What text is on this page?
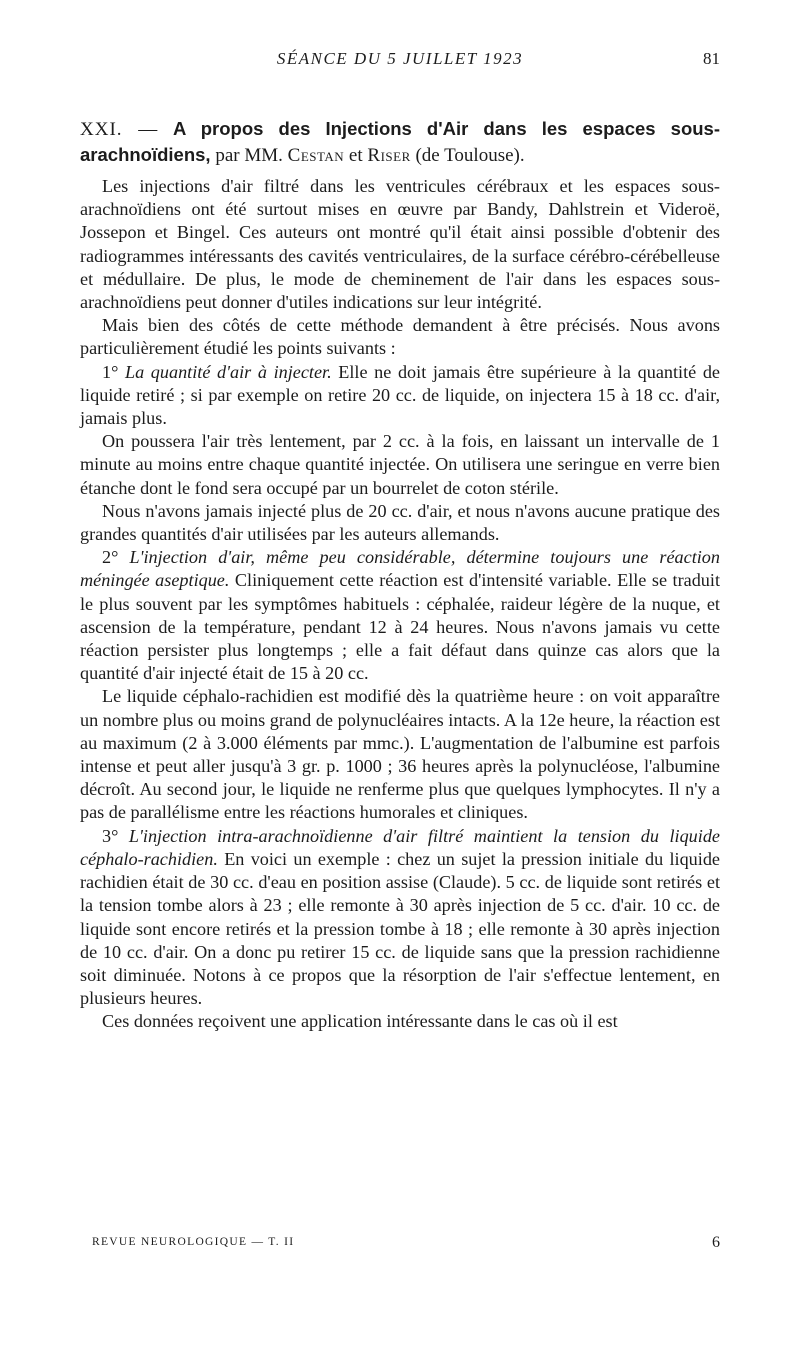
SÉANCE DU 5 JUILLET 1923	81
XXI. — A propos des Injections d'Air dans les espaces sous-arachnoïdiens, par MM. Cestan et Riser (de Toulouse).

Les injections d'air filtré dans les ventricules cérébraux et les espaces sous-arachnoïdiens ont été surtout mises en œuvre par Bandy, Dahlstrein et Videroë, Jossepon et Bingel. Ces auteurs ont montré qu'il était ainsi possible d'obtenir des radiogrammes intéressants des cavités ventriculaires, de la surface cérébro-cérébelleuse et médullaire. De plus, le mode de cheminement de l'air dans les espaces sous-arachnoïdiens peut donner d'utiles indications sur leur intégrité.

Mais bien des côtés de cette méthode demandent à être précisés. Nous avons particulièrement étudié les points suivants :

1° La quantité d'air à injecter. Elle ne doit jamais être supérieure à la quantité de liquide retiré ; si par exemple on retire 20 cc. de liquide, on injectera 15 à 18 cc. d'air, jamais plus.

On poussera l'air très lentement, par 2 cc. à la fois, en laissant un intervalle de 1 minute au moins entre chaque quantité injectée. On utilisera une seringue en verre bien étanche dont le fond sera occupé par un bourrelet de coton stérile.

Nous n'avons jamais injecté plus de 20 cc. d'air, et nous n'avons aucune pratique des grandes quantités d'air utilisées par les auteurs allemands.

2° L'injection d'air, même peu considérable, détermine toujours une réaction méningée aseptique. Cliniquement cette réaction est d'intensité variable. Elle se traduit le plus souvent par les symptômes habituels : céphalée, raideur légère de la nuque, et ascension de la température, pendant 12 à 24 heures. Nous n'avons jamais vu cette réaction persister plus longtemps ; elle a fait défaut dans quinze cas alors que la quantité d'air injecté était de 15 à 20 cc.

Le liquide céphalo-rachidien est modifié dès la quatrième heure : on voit apparaître un nombre plus ou moins grand de polynucléaires intacts. A la 12e heure, la réaction est au maximum (2 à 3.000 éléments par mmc.). L'augmentation de l'albumine est parfois intense et peut aller jusqu'à 3 gr. p. 1000 ; 36 heures après la polynucléose, l'albumine décroît. Au second jour, le liquide ne renferme plus que quelques lymphocytes. Il n'y a pas de parallélisme entre les réactions humorales et cliniques.

3° L'injection intra-arachnoïdienne d'air filtré maintient la tension du liquide céphalo-rachidien. En voici un exemple : chez un sujet la pression initiale du liquide rachidien était de 30 cc. d'eau en position assise (Claude). 5 cc. de liquide sont retirés et la tension tombe alors à 23 ; elle remonte à 30 après injection de 5 cc. d'air. 10 cc. de liquide sont encore retirés et la pression tombe à 18 ; elle remonte à 30 après injection de 10 cc. d'air. On a donc pu retirer 15 cc. de liquide sans que la pression rachidienne soit diminuée. Notons à ce propos que la résorption de l'air s'effectue lentement, en plusieurs heures.

Ces données reçoivent une application intéressante dans le cas où il est

REVUE NEUROLOGIQUE — T. II	6
